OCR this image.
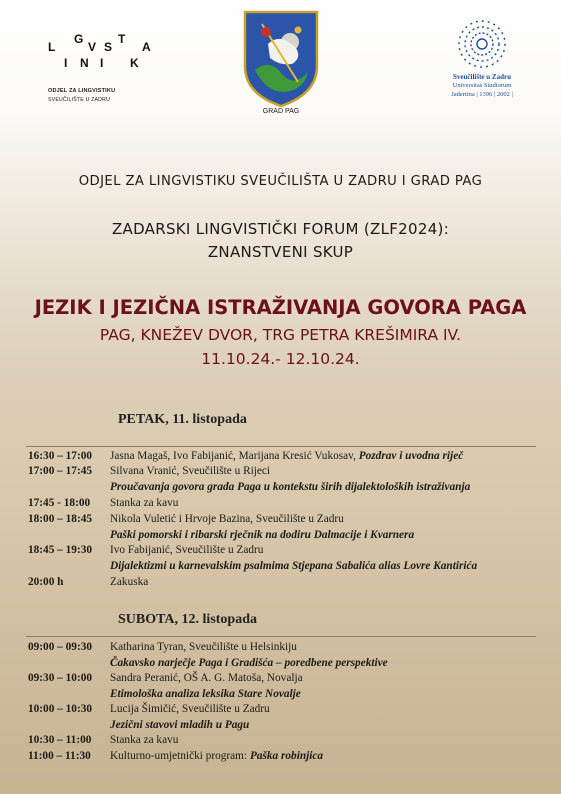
L
G
V S
T
A
I N I K
ODJEL ZA LINGVISTIKU
SVEUČILIŠTE U ZADRU
GRAD PAG
Sveučilište u Zadru
Universitas Studiorum
Jadertina | 1396 | 2002 |
ODJEL ZA LINGVISTIKU SVEUČILIŠTA U ZADRU I GRAD PAG
ZADARSKI LINGVISTIČKI FORUM (ZLF2024):
ZNANSTVENI SKUP
JEZIK I JEZIČNA ISTRAŽIVANJA GOVORA PAGA
PAG, KNEŽEV DVOR, TRG PETRA KREŠIMIRA IV.
11.10.24.- 12.10.24.
PETAK, 11. listopada
16:30 – 17:00 Jasna Magaš, Ivo Fabijanić, Marijana Kresić Vukosav, Pozdrav i uvodna riječ
17:00 – 17:45 Silvana Vranić, Sveučilište u Rijeci
Proučavanja govora grada Paga u kontekstu širih dijalektoloških istraživanja
17:45 - 18:00 Stanka za kavu
18:00 – 18:45 Nikola Vuletić i Hrvoje Bazina, Sveučilište u Zadru
Paški pomorski i ribarski rječnik na dodiru Dalmacije i Kvarnera
18:45 – 19:30 Ivo Fabijanić, Sveučilište u Zadru
Dijalektizmi u karnevalskim psalmima Stjepana Sabalića alias Lovre Kantirića
20:00 h	Zakuska
SUBOTA, 12. listopada
09:00 – 09:30 Katharina Tyran, Sveučilište u Helsinkiju
Čakavsko narječje Paga i Gradišća – poredbene perspektive
09:30 – 10:00 Sandra Peranić, OŠ A. G. Matoša, Novalja
Etimološka analiza leksika Stare Novalje
10:00 – 10:30 Lucija Šimičić, Sveučilište u Zadru
Jezični stavovi mladih u Pagu
10:30 – 11:00 Stanka za kavu
11:00 – 11:30 Kulturno-umjetnički program: Paška robinjica
